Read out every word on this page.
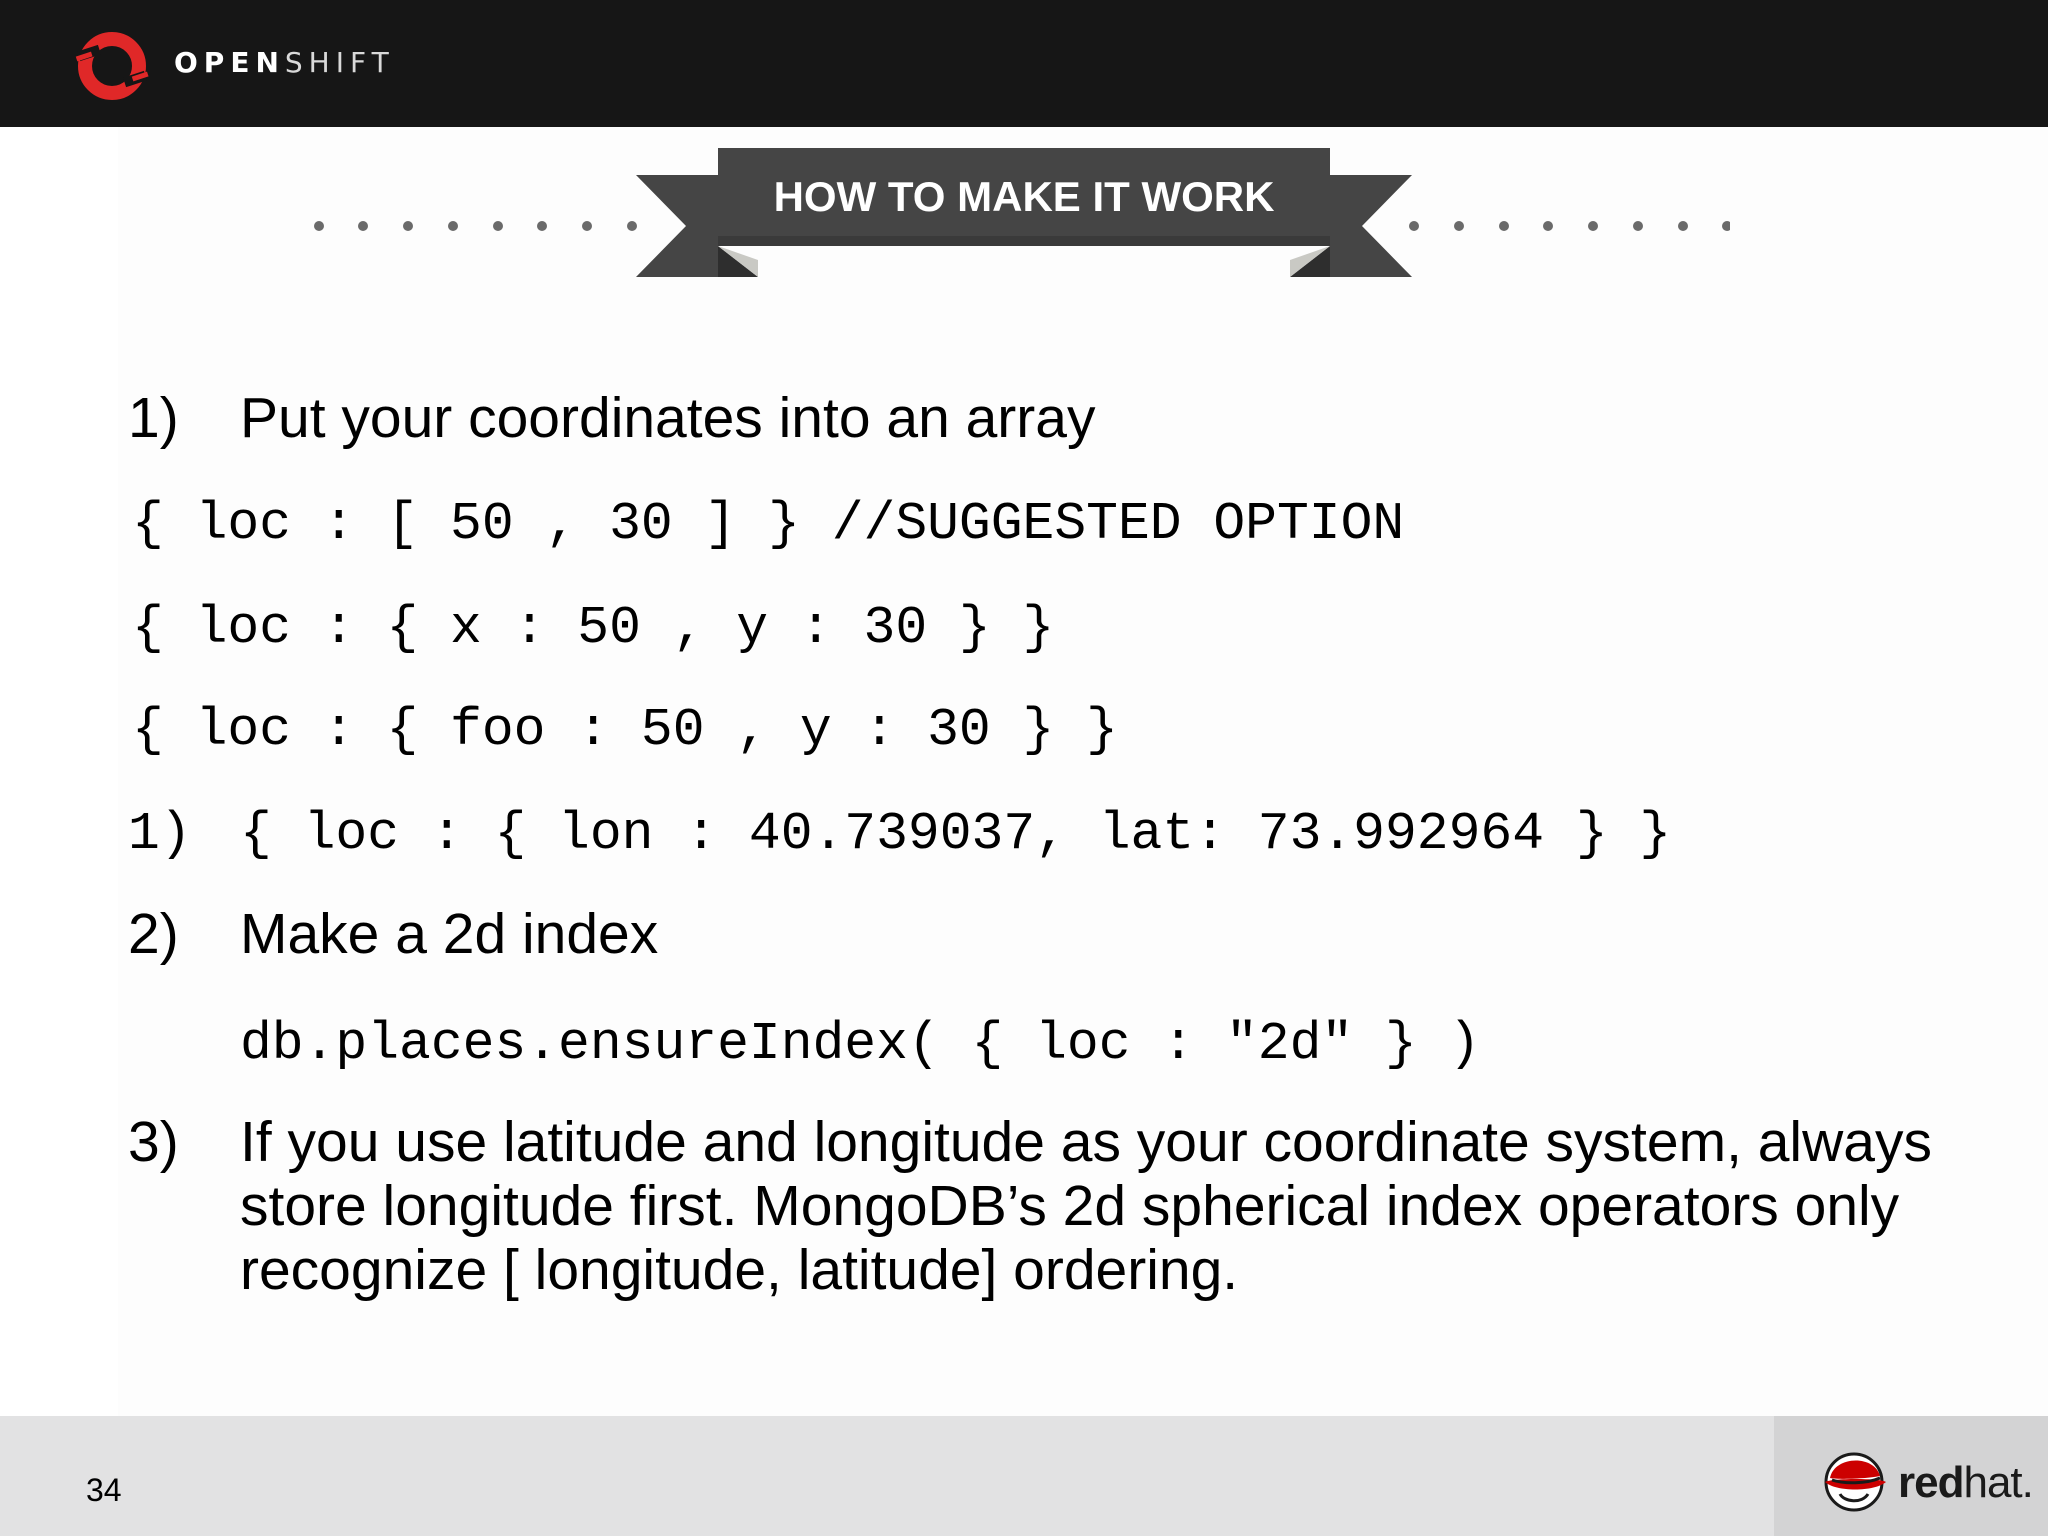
OPENSHIFT
HOW TO MAKE IT WORK
1) Put your coordinates into an array
{ loc : [ 50 , 30 ] } //SUGGESTED OPTION
{ loc : { x : 50 , y : 30 } }
{ loc : { foo : 50 , y : 30 } }
1) { loc : { lon : 40.739037, lat: 73.992964 } }
2) Make a 2d index
db.places.ensureIndex( { loc : "2d" } )
3) If you use latitude and longitude as your coordinate system, always
store longitude first. MongoDB’s 2d spherical index operators only
recognize [ longitude, latitude] ordering.
34	redhat.
